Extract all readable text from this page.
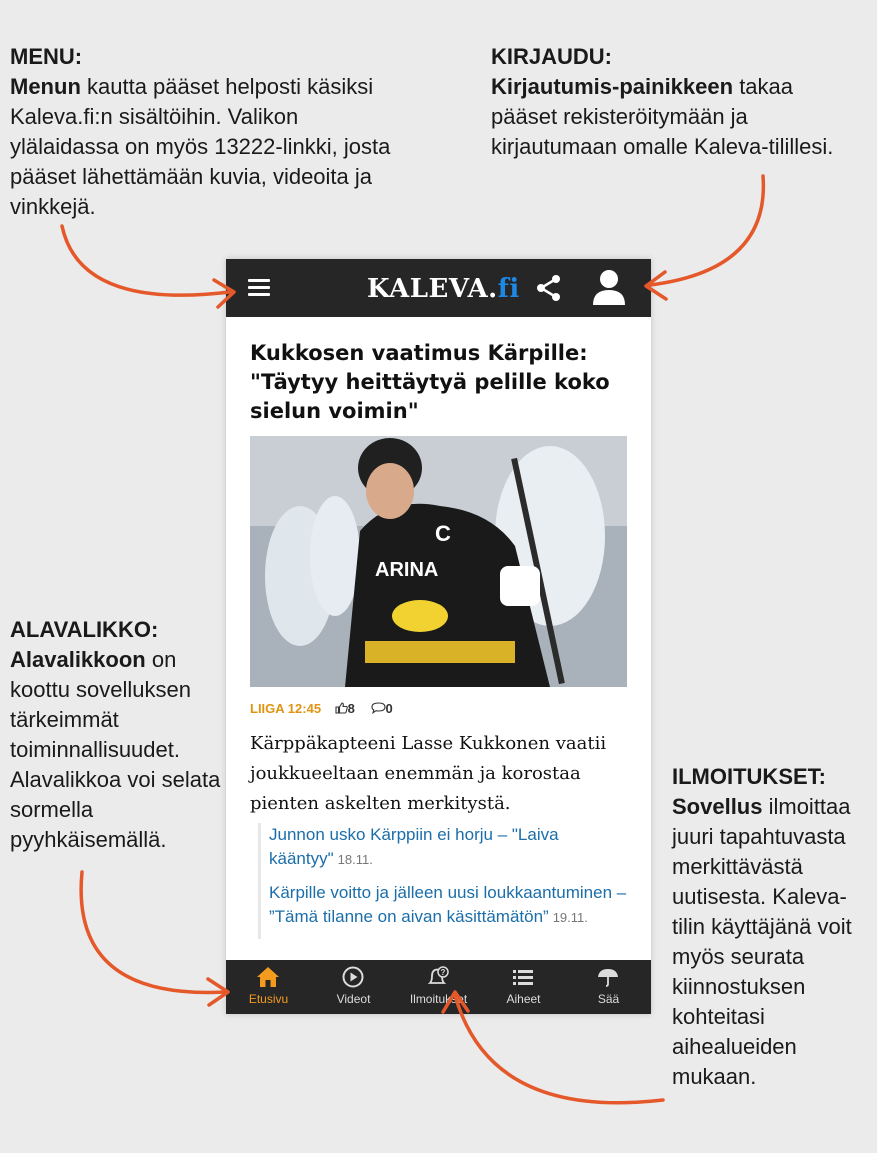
MENU:
Menun kautta pääset helposti käsiksi Kaleva.fi:n sisältöihin. Valikon ylälaidassa on myös 13222-linkki, josta pääset lähettämään kuvia, videoita ja vinkkejä.
KIRJAUDU:
Kirjautumis-painikkeen takaa pääset rekisteröitymään ja kirjautumaan omalle Kaleva-tilillesi.
ALAVALIKKO:
Alavalikkoon on koottu sovelluksen tärkeimmät toiminnallisuudet. Alavalikkoa voi selata sormella pyyhkäisemällä.
ILMOITUKSET:
Sovellus ilmoittaa juuri tapahtuvasta merkittävästä uutisesta. Kaleva-tilin käyttäjänä voit myös seurata kiinnostuksen kohteitasi aihealueiden mukaan.
KALEVA.fi
Kukkosen vaatimus Kärpille: "Täytyy heittäytyä pelille koko sielun voimin"
ARINA
C
LIIGA 12:45 8 0
Kärppäkapteeni Lasse Kukkonen vaatii joukkueeltaan enemmän ja korostaa pienten askelten merkitystä.
Junnon usko Kärppiin ei horju – "Laiva kääntyy" 18.11.
Kärpille voitto ja jälleen uusi loukkaantuminen – ”Tämä tilanne on aivan käsittämätön” 19.11.
Etusivu	Videot
?
Ilmoitukset	Aiheet	Sää
